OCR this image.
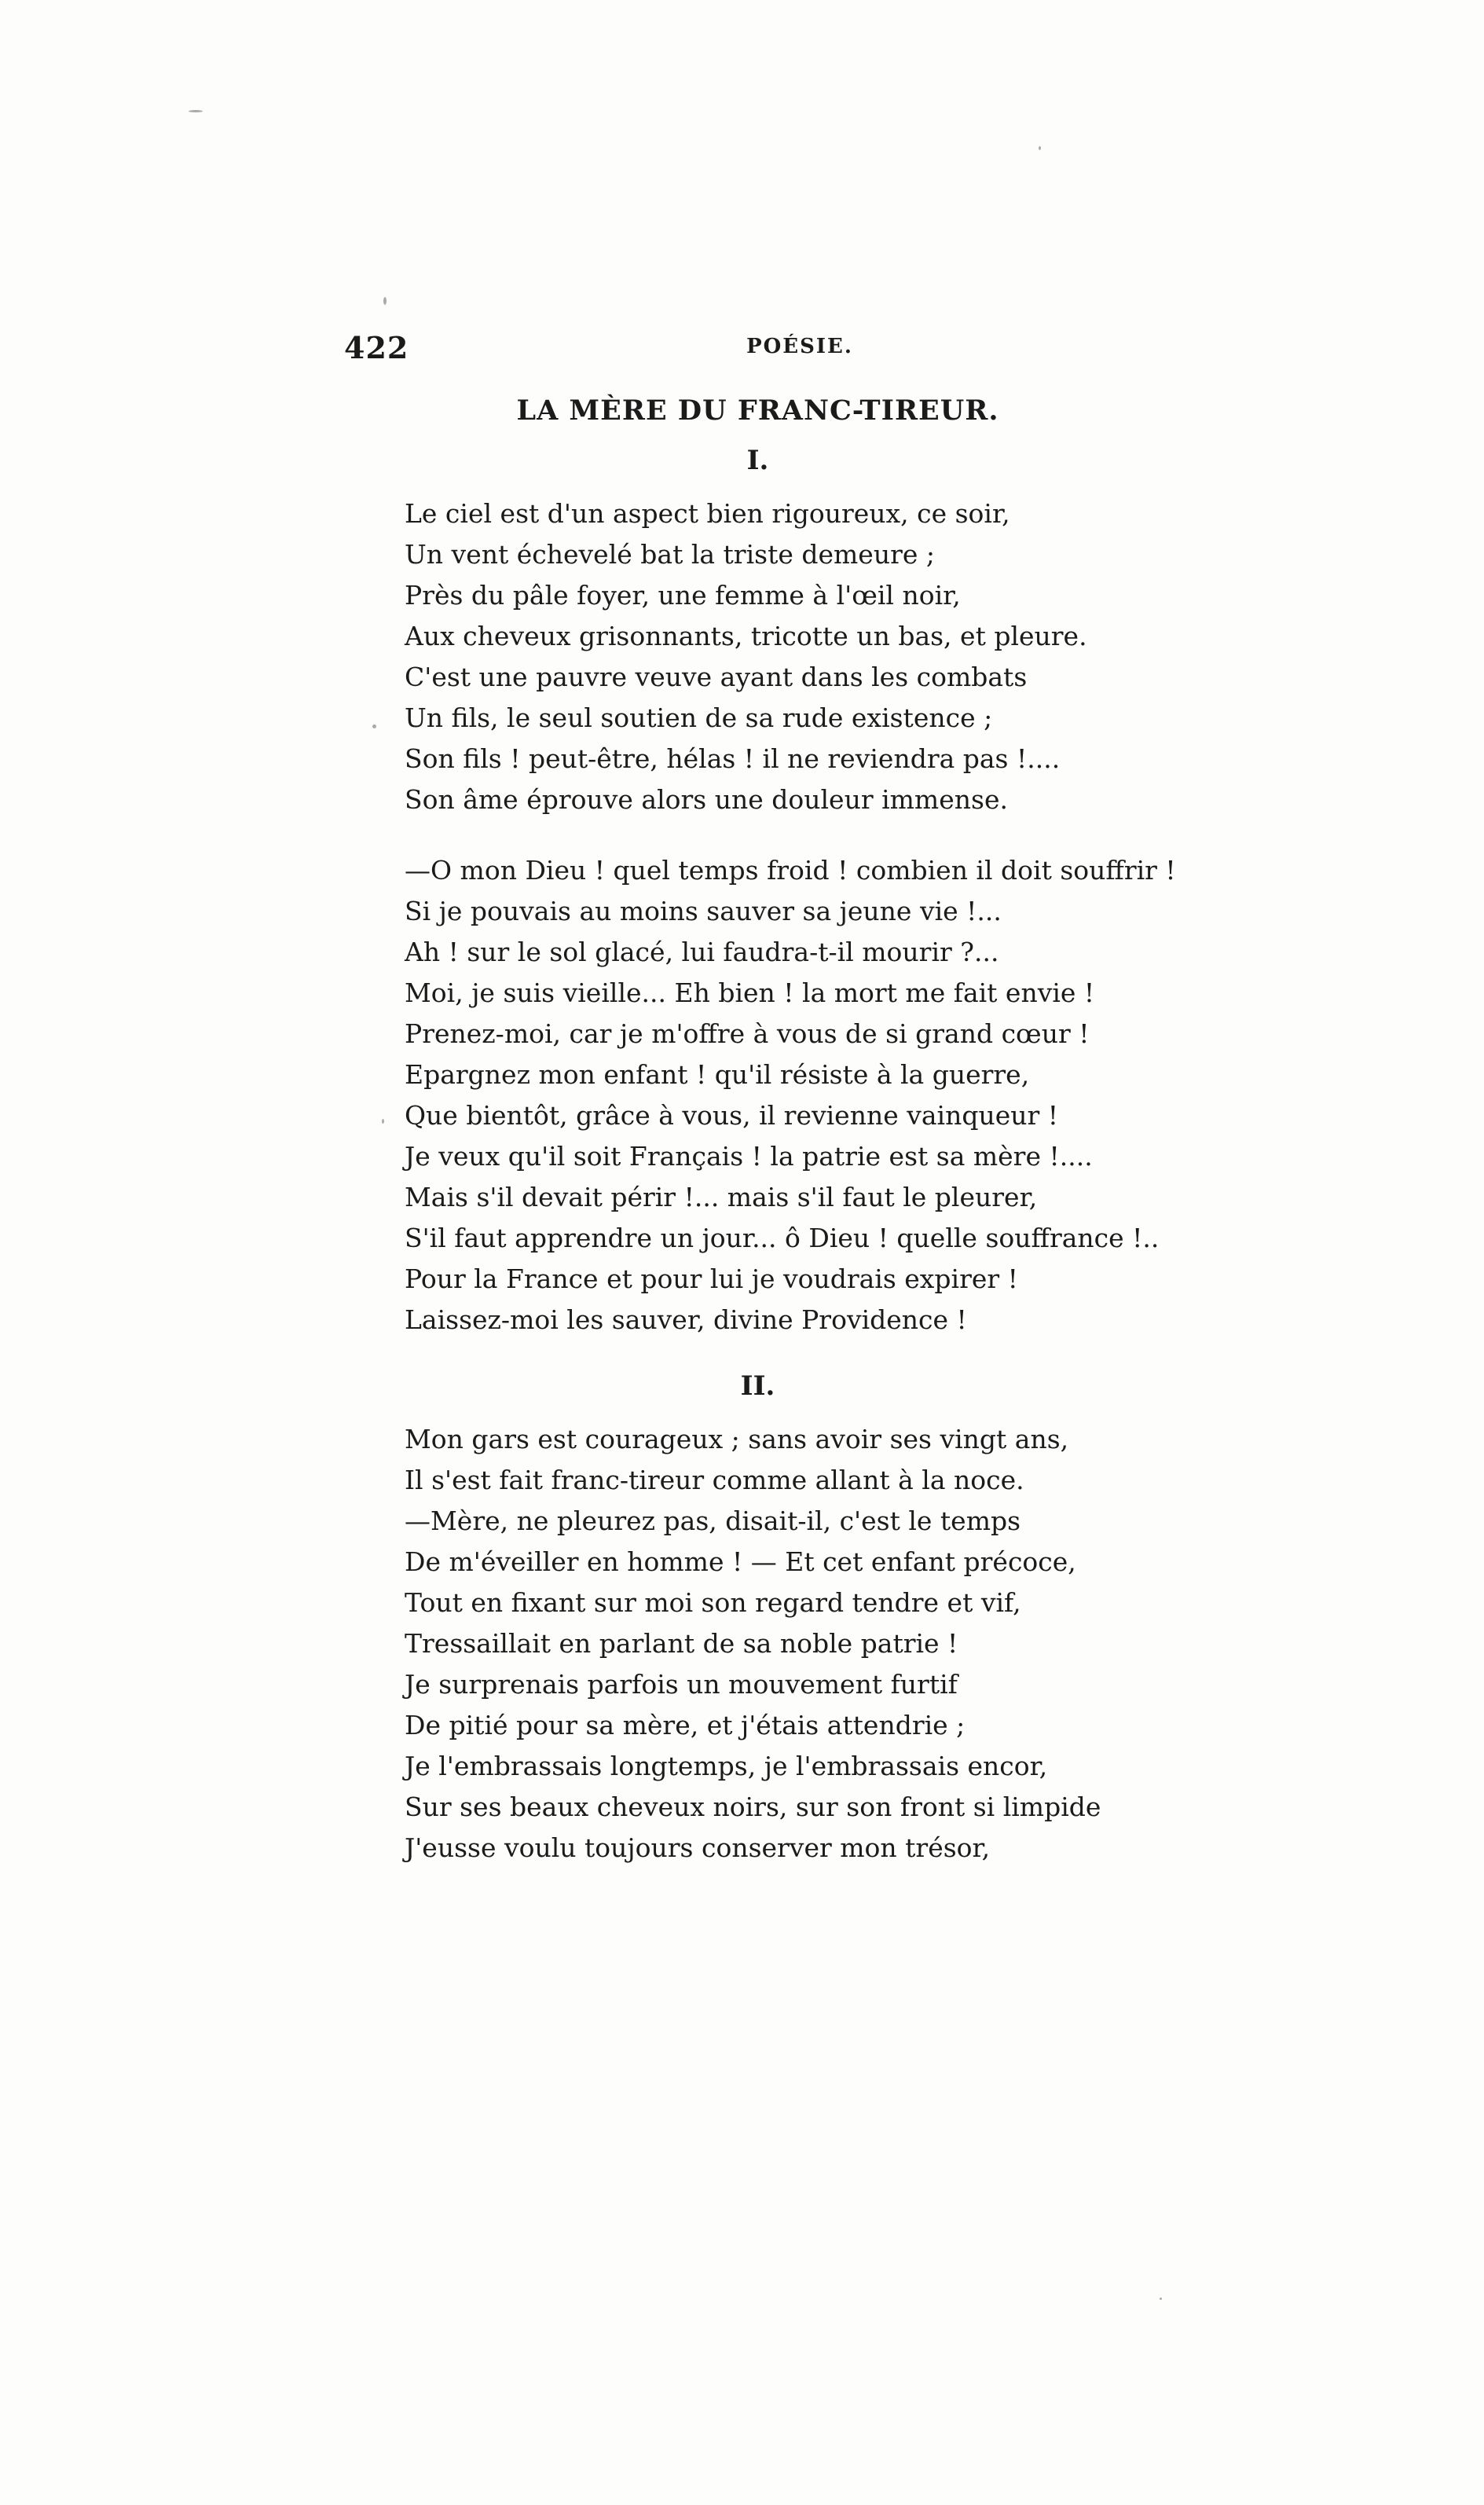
422	POÉSIE.
LA MÈRE DU FRANC-TIREUR.
I.
Le ciel est d'un aspect bien rigoureux, ce soir,
Un vent échevelé bat la triste demeure ;
Près du pâle foyer, une femme à l'œil noir,
Aux cheveux grisonnants, tricotte un bas, et pleure.
C'est une pauvre veuve ayant dans les combats
Un fils, le seul soutien de sa rude existence ;
Son fils ! peut-être, hélas ! il ne reviendra pas !....
Son âme éprouve alors une douleur immense.
—O mon Dieu ! quel temps froid ! combien il doit souffrir !
Si je pouvais au moins sauver sa jeune vie !...
Ah ! sur le sol glacé, lui faudra-t-il mourir ?...
Moi, je suis vieille... Eh bien ! la mort me fait envie !
Prenez-moi, car je m'offre à vous de si grand cœur !
Epargnez mon enfant ! qu'il résiste à la guerre,
Que bientôt, grâce à vous, il revienne vainqueur !
Je veux qu'il soit Français ! la patrie est sa mère !....
Mais s'il devait périr !... mais s'il faut le pleurer,
S'il faut apprendre un jour... ô Dieu ! quelle souffrance !..
Pour la France et pour lui je voudrais expirer !
Laissez-moi les sauver, divine Providence !
II.
Mon gars est courageux ; sans avoir ses vingt ans,
Il s'est fait franc-tireur comme allant à la noce.
—Mère, ne pleurez pas, disait-il, c'est le temps
De m'éveiller en homme ! — Et cet enfant précoce,
Tout en fixant sur moi son regard tendre et vif,
Tressaillait en parlant de sa noble patrie !
Je surprenais parfois un mouvement furtif
De pitié pour sa mère, et j'étais attendrie ;
Je l'embrassais longtemps, je l'embrassais encor,
Sur ses beaux cheveux noirs, sur son front si limpide
J'eusse voulu toujours conserver mon trésor,
